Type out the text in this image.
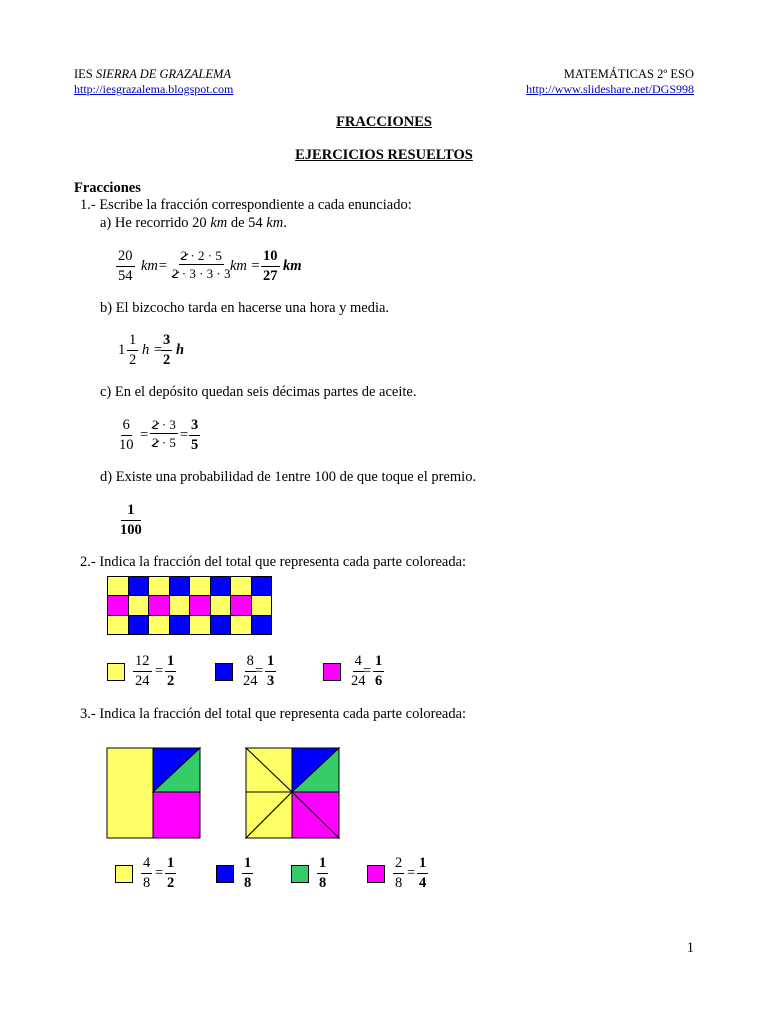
IES SIERRA DE GRAZALEMA
http://iesgrazalema.blogspot.com
MATEMÁTICAS 2º ESO
http://www.slideshare.net/DGS998
FRACCIONES
EJERCICIOS RESUELTOS
Fracciones
1.- Escribe la fracción correspondiente a cada enunciado:
a) He recorrido 20 km de 54 km.
$\frac{20}{54} km= \frac{2 \cdot 2 \cdot 5}{2 \cdot 3 \cdot 3 \cdot 3}$
km = $\frac{10}{27}$ km
b) El bizcocho tarda en hacerse una hora y media.
$1 \frac{1}{2}$ h =
$\frac{3}{2}$ h
c) En el depósito quedan seis décimas partes de aceite.
$\frac{6}{10} = \frac{2 \cdot 3}{2 \cdot 5} = \frac{3}{5}$
d) Existe una probabilidad de 1entre 100 de que toque el premio.
$\frac{1}{100}$
2.- Indica la fracción del total que representa cada parte coloreada:
$\frac{12}{24} = \frac{1}{2}$	$\frac{8}{24}$
= $\frac{1}{3}$	$\frac{4}{24}$
= $\frac{1}{6}$
3.- Indica la fracción del total que representa cada parte coloreada:
$\frac{4}{8} = \frac{1}{2}$	$\frac{1}{8}$	$\frac{1}{8}$	$\frac{2}{8} = \frac{1}{4}$
1
